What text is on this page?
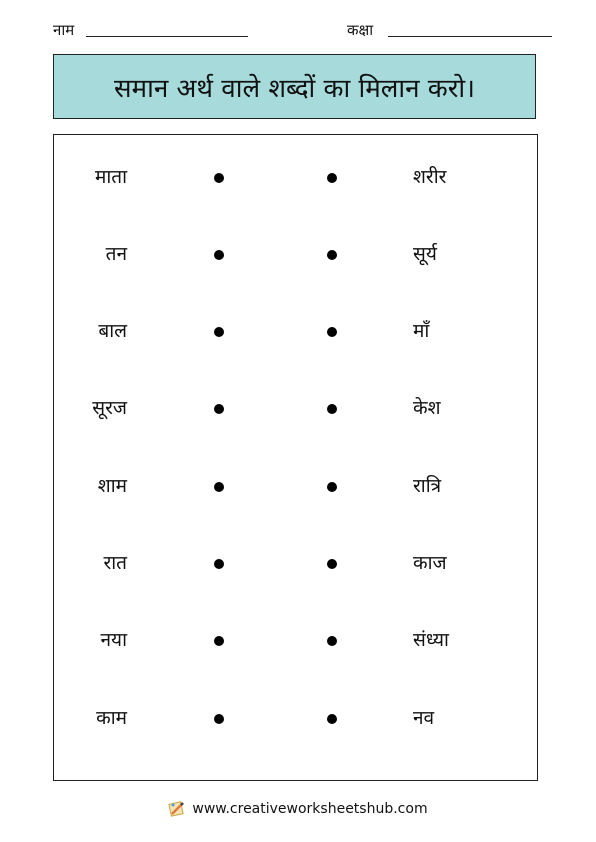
नाम	कक्षा
समान अर्थ वाले शब्दों का मिलान करो।
माता	शरीर
तन	सूर्य
बाल	माँ
सूरज	केश
शाम	रात्रि
रात	काज
नया	संध्या
काम	नव
www.creativeworksheetshub.com
